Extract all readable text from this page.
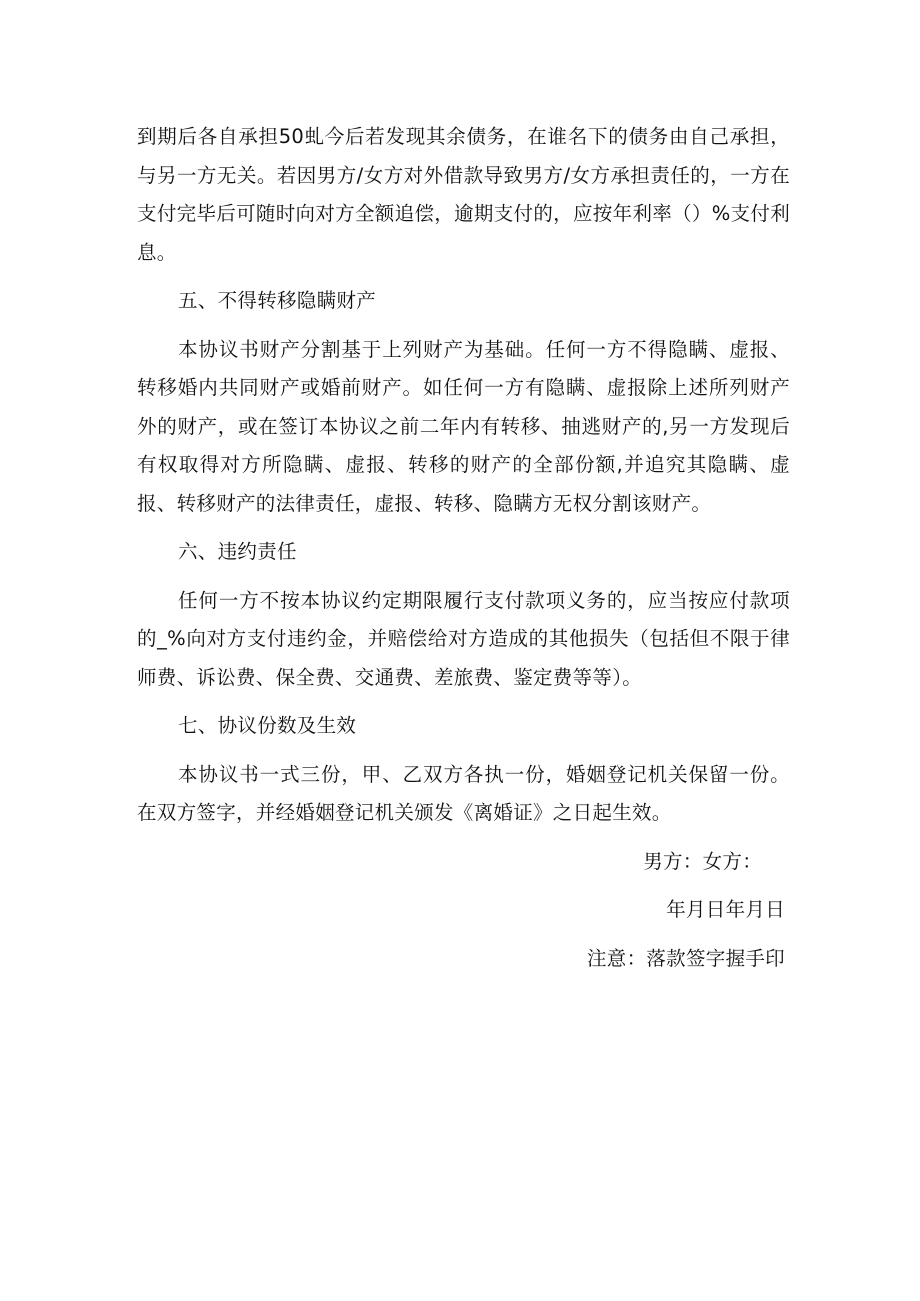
到期后各自承担50虬今后若发现其余债务，在谁名下的债务由自己承担，与另一方无关。若因男方/女方对外借款导致男方/女方承担责任的，一方在支付完毕后可随时向对方全额追偿，逾期支付的，应按年利率（）%支付利息。

五、不得转移隐瞒财产

本协议书财产分割基于上列财产为基础。任何一方不得隐瞒、虚报、转移婚内共同财产或婚前财产。如任何一方有隐瞒、虚报除上述所列财产外的财产，或在签订本协议之前二年内有转移、抽逃财产的,另一方发现后有权取得对方所隐瞒、虚报、转移的财产的全部份额,并追究其隐瞒、虚报、转移财产的法律责任，虚报、转移、隐瞒方无权分割该财产。

六、违约责任

任何一方不按本协议约定期限履行支付款项义务的，应当按应付款项的_%向对方支付违约金，并赔偿给对方造成的其他损失（包括但不限于律师费、诉讼费、保全费、交通费、差旅费、鉴定费等等）。

七、协议份数及生效

本协议书一式三份，甲、乙双方各执一份，婚姻登记机关保留一份。在双方签字，并经婚姻登记机关颁发《离婚证》之日起生效。

男方：女方：

年月日年月日

注意：落款签字握手印
